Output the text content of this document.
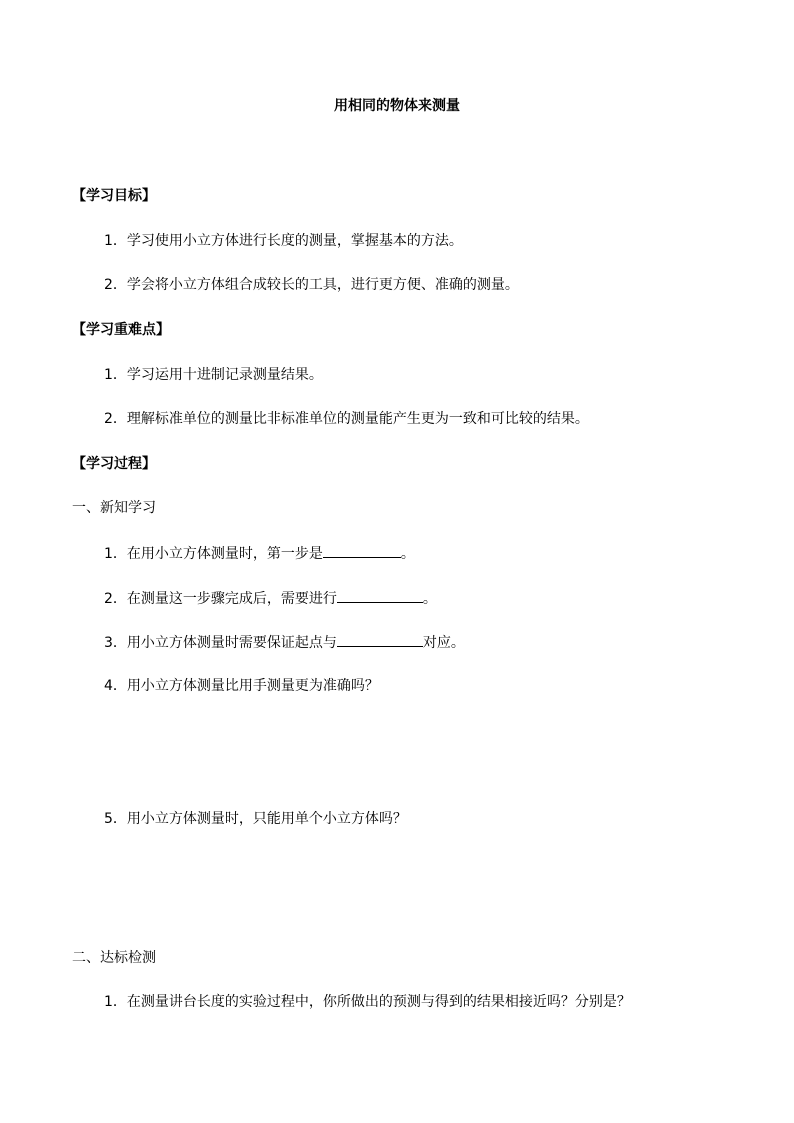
用相同的物体来测量
【学习目标】
1．学习使用小立方体进行长度的测量，掌握基本的方法。
2．学会将小立方体组合成较长的工具，进行更方便、准确的测量。
【学习重难点】
1．学习运用十进制记录测量结果。
2．理解标准单位的测量比非标准单位的测量能产生更为一致和可比较的结果。
【学习过程】
一、新知学习
1．在用小立方体测量时，第一步是	。
2．在测量这一步骤完成后，需要进行	。
3．用小立方体测量时需要保证起点与	对应。
4．用小立方体测量比用手测量更为准确吗？
5．用小立方体测量时，只能用单个小立方体吗？
二、达标检测
1．在测量讲台长度的实验过程中，你所做出的预测与得到的结果相接近吗？分别是？
